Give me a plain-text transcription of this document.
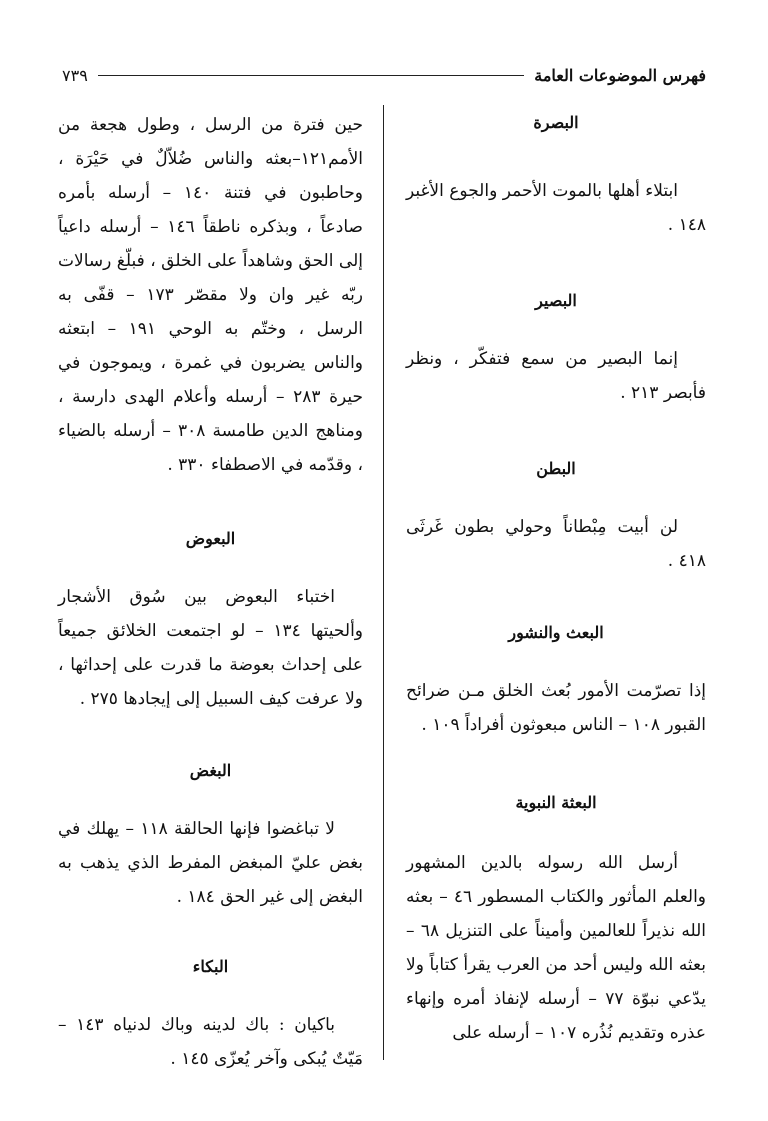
فهرس الموضوعات العامة
٧٣٩
البصرة

ابتلاء أهلها بالموت الأحمر والجوع الأغبر ١٤٨ .

البصير

إنما البصير من سمع فتفكّر ، ونظر فأبصر ٢١٣ .

البطن

لن أبيت مِبْطاناً وحولي بطون غَرثَى ٤١٨ .

البعث والنشور

إذا تصرّمت الأمور بُعث الخلق مـن ضرائح القبور ١٠٨ – الناس مبعوثون أفراداً ١٠٩ .

البعثة النبوية

أرسل الله رسوله بالدين المشهور والعلم المأثور والكتاب المسطور ٤٦ – بعثه الله نذيراً للعالمين وأميناً على التنزيل ٦٨ – بعثه الله وليس أحد من العرب يقرأ كتاباً ولا يدّعي نبوّة ٧٧ – أرسله لإنفاذ أمره وإنهاء عذره وتقديم نُذُره ١٠٧ – أرسله على

حين فترة من الرسل ، وطول هجعة من الأمم١٢١–بعثه والناس ضُلاّلٌ في حَيْرَة ، وحاطبون في فتنة ١٤٠ – أرسله بأمره صادعاً ، وبذكره ناطقاً ١٤٦ – أرسله داعياً إلى الحق وشاهداً على الخلق ، فبلّغ رسالات ربّه غير وان ولا مقصّر ١٧٣ – قفّى به الرسل ، وختّم به الوحي ١٩١ – ابتعثه والناس يضربون في غمرة ، ويموجون في حيرة ٢٨٣ – أرسله وأعلام الهدى دارسة ، ومناهج الدين طامسة ٣٠٨ – أرسله بالضياء ، وقدّمه في الاصطفاء ٣٣٠ .

البعوض

اختباء البعوض بين سُوق الأشجار وألحيتها ١٣٤ – لو اجتمعت الخلائق جميعاً على إحداث بعوضة ما قدرت على إحداثها ، ولا عرفت كيف السبيل إلى إيجادها ٢٧٥ .

البغض

لا تباغضوا فإنها الحالقة ١١٨ – يهلك في بغض عليّ المبغض المفرط الذي يذهب به البغض إلى غير الحق ١٨٤ .

البكاء

باكيان : باك لدينه وباك لدنياه ١٤٣ – مَيّتٌ يُبكى وآخر يُعزّى ١٤٥ .
